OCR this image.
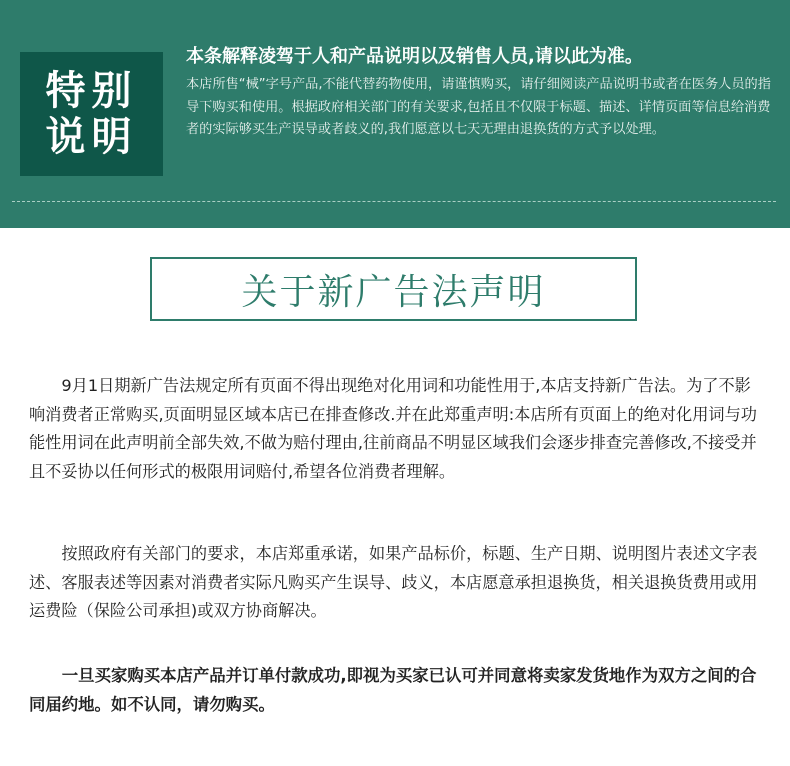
特别
说明

本条解释凌驾于人和产品说明以及销售人员,请以此为准。

本店所售“械”字号产品,不能代替药物使用，请谨慎购买，请仔细阅读产品说明书或者在医务人员的指导下购买和使用。根据政府相关部门的有关要求,包括且不仅限于标题、描述、详情页面等信息给消费者的实际够买生产误导或者歧义的,我们愿意以七天无理由退换货的方式予以处理。

关于新广告法声明

9月1日期新广告法规定所有页面不得出现绝对化用词和功能性用于,本店支持新广告法。为了不影响消费者正常购买,页面明显区域本店已在排查修改.并在此郑重声明:本店所有页面上的绝对化用词与功能性用词在此声明前全部失效,不做为赔付理由,往前商品不明显区域我们会逐步排查完善修改,不接受并且不妥协以任何形式的极限用词赔付,希望各位消费者理解。

按照政府有关部门的要求，本店郑重承诺，如果产品标价，标题、生产日期、说明图片表述文字表述、客服表述等因素对消费者实际凡购买产生误导、歧义，本店愿意承担退换货，相关退换货费用或用运费险（保险公司承担)或双方协商解决。

一旦买家购买本店产品并订单付款成功,即视为买家已认可并同意将卖家发货地作为双方之间的合同届约地。如不认同，请勿购买。
